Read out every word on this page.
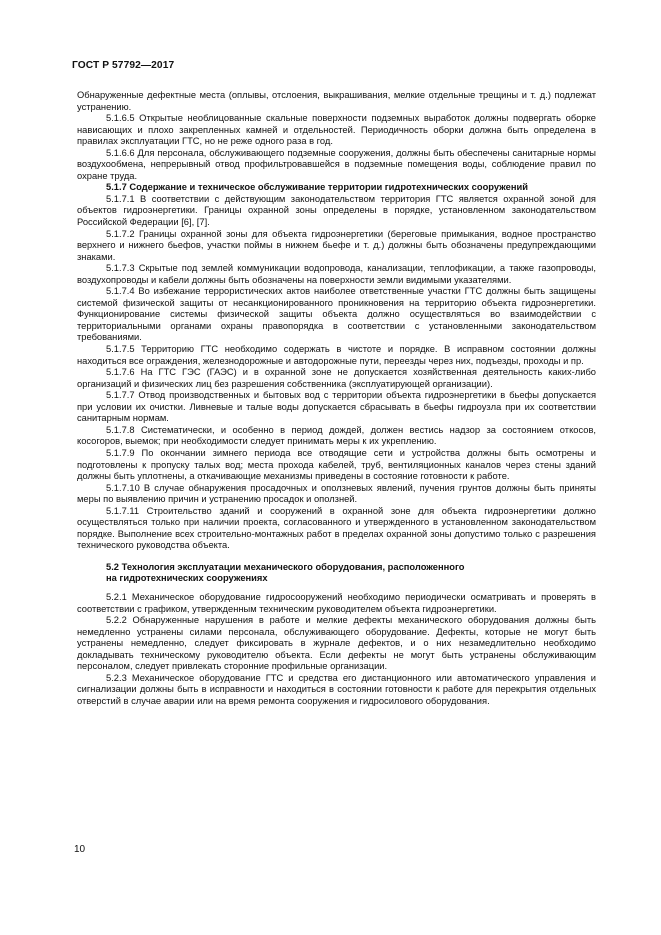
ГОСТ Р 57792—2017

Обнаруженные дефектные места (оплывы, отслоения, выкрашивания, мелкие отдельные трещины и т. д.) подлежат устранению.

5.1.6.5 Открытые необлицованные скальные поверхности подземных выработок должны подвергать оборке нависающих и плохо закрепленных камней и отдельностей. Периодичность оборки должна быть определена в правилах эксплуатации ГТС, но не реже одного раза в год.

5.1.6.6 Для персонала, обслуживающего подземные сооружения, должны быть обеспечены санитарные нормы воздухообмена, непрерывный отвод профильтровавшейся в подземные помещения воды, соблюдение правил по охране труда.

5.1.7 Содержание и техническое обслуживание территории гидротехнических сооружений

5.1.7.1 В соответствии с действующим законодательством территория ГТС является охранной зоной для объектов гидроэнергетики. Границы охранной зоны определены в порядке, установленном законодательством Российской Федерации [6], [7].

5.1.7.2 Границы охранной зоны для объекта гидроэнергетики (береговые примыкания, водное пространство верхнего и нижнего бьефов, участки поймы в нижнем бьефе и т. д.) должны быть обозначены предупреждающими знаками.

5.1.7.3 Скрытые под землей коммуникации водопровода, канализации, теплофикации, а также газопроводы, воздухопроводы и кабели должны быть обозначены на поверхности земли видимыми указателями.

5.1.7.4 Во избежание террористических актов наиболее ответственные участки ГТС должны быть защищены системой физической защиты от несанкционированного проникновения на территорию объекта гидроэнергетики. Функционирование системы физической защиты объекта должно осуществляться во взаимодействии с территориальными органами охраны правопорядка в соответствии с установленными законодательством требованиями.

5.1.7.5 Территорию ГТС необходимо содержать в чистоте и порядке. В исправном состоянии должны находиться все ограждения, железнодорожные и автодорожные пути, переезды через них, подъезды, проходы и пр.

5.1.7.6 На ГТС ГЭС (ГАЭС) и в охранной зоне не допускается хозяйственная деятельность каких-либо организаций и физических лиц без разрешения собственника (эксплуатирующей организации).

5.1.7.7 Отвод производственных и бытовых вод с территории объекта гидроэнергетики в бьефы допускается при условии их очистки. Ливневые и талые воды допускается сбрасывать в бьефы гидроузла при их соответствии санитарным нормам.

5.1.7.8 Систематически, и особенно в период дождей, должен вестись надзор за состоянием откосов, косогоров, выемок; при необходимости следует принимать меры к их укреплению.

5.1.7.9 По окончании зимнего периода все отводящие сети и устройства должны быть осмотрены и подготовлены к пропуску талых вод; места прохода кабелей, труб, вентиляционных каналов через стены зданий должны быть уплотнены, а откачивающие механизмы приведены в состояние готовности к работе.

5.1.7.10 В случае обнаружения просадочных и оползневых явлений, пучения грунтов должны быть приняты меры по выявлению причин и устранению просадок и оползней.

5.1.7.11 Строительство зданий и сооружений в охранной зоне для объекта гидроэнергетики должно осуществляться только при наличии проекта, согласованного и утвержденного в установленном законодательством порядке. Выполнение всех строительно-монтажных работ в пределах охранной зоны допустимо только с разрешения технического руководства объекта.

5.2 Технология эксплуатации механического оборудования, расположенного
на гидротехнических сооружениях

5.2.1 Механическое оборудование гидросооружений необходимо периодически осматривать и проверять в соответствии с графиком, утвержденным техническим руководителем объекта гидроэнергетики.

5.2.2 Обнаруженные нарушения в работе и мелкие дефекты механического оборудования должны быть немедленно устранены силами персонала, обслуживающего оборудование. Дефекты, которые не могут быть устранены немедленно, следует фиксировать в журнале дефектов, и о них незамедлительно необходимо докладывать техническому руководителю объекта. Если дефекты не могут быть устранены обслуживающим персоналом, следует привлекать сторонние профильные организации.

5.2.3 Механическое оборудование ГТС и средства его дистанционного или автоматического управления и сигнализации должны быть в исправности и находиться в состоянии готовности к работе для перекрытия отдельных отверстий в случае аварии или на время ремонта сооружения и гидросилового оборудования.

10
